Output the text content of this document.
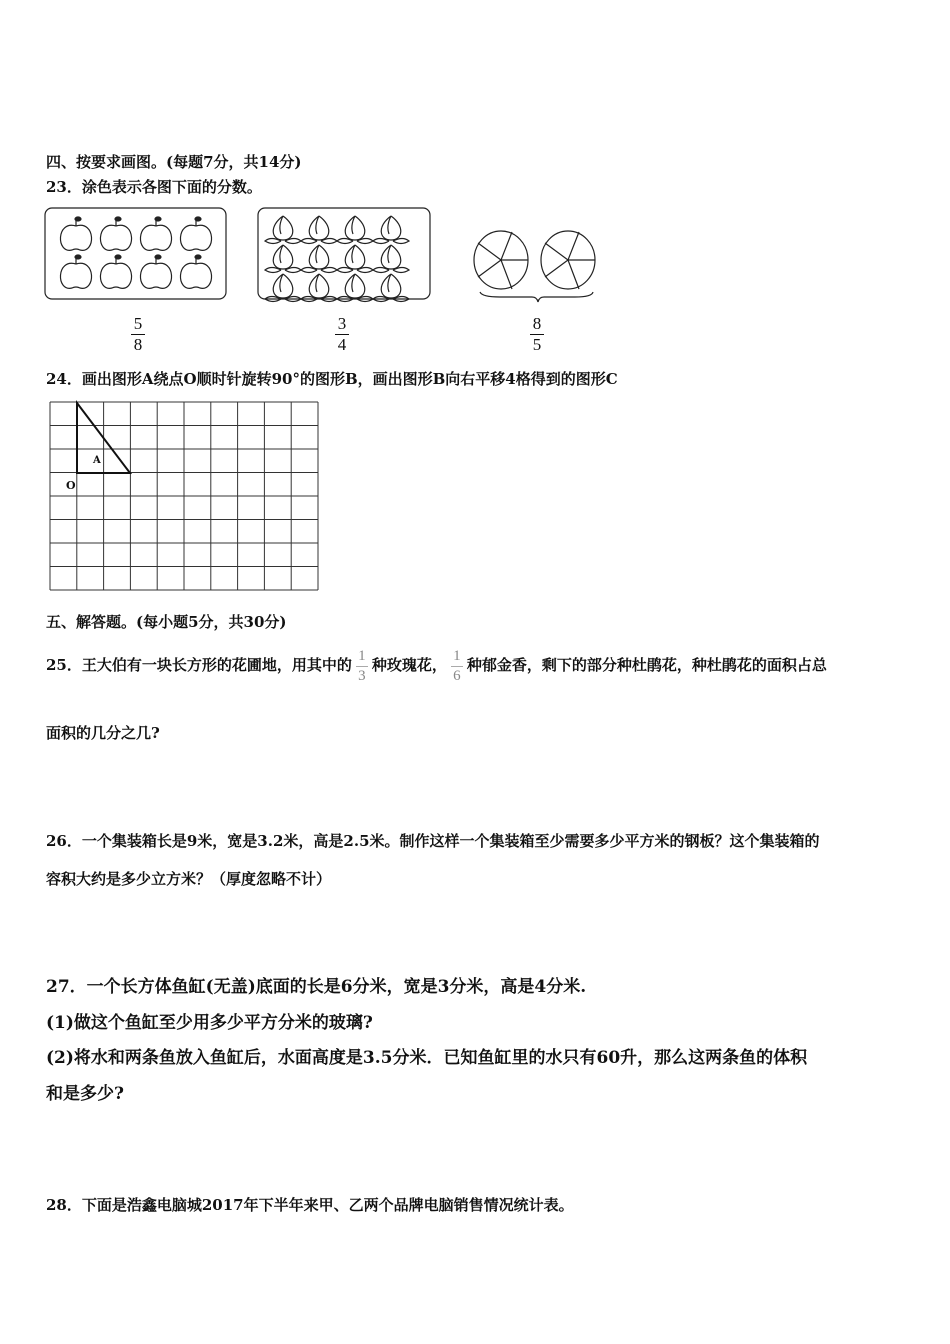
四、按要求画图。(每题7分，共14分)
23．涂色表示各图下面的分数。
5
8
3
4
8
5
24．画出图形A绕点O顺时针旋转90°的图形B，画出图形B向右平移4格得到的图形C
A
O
五、解答题。(每小题5分，共30分)
25．王大伯有一块长方形的花圃地，用其中的 $\frac{1}{3}$ 种玫瑰花， $\frac{1}{6}$ 种郁金香，剩下的部分种杜鹃花，种杜鹃花的面积占总
面积的几分之几?
26．一个集装箱长是9米，宽是3.2米，高是2.5米。制作这样一个集装箱至少需要多少平方米的钢板？这个集装箱的
容积大约是多少立方米？（厚度忽略不计）
27．一个长方体鱼缸(无盖)底面的长是6分米，宽是3分米，高是4分米.
(1)做这个鱼缸至少用多少平方分米的玻璃?
(2)将水和两条鱼放入鱼缸后，水面高度是3.5分米．已知鱼缸里的水只有60升，那么这两条鱼的体积
和是多少?
28．下面是浩鑫电脑城2017年下半年来甲、乙两个品牌电脑销售情况统计表。
